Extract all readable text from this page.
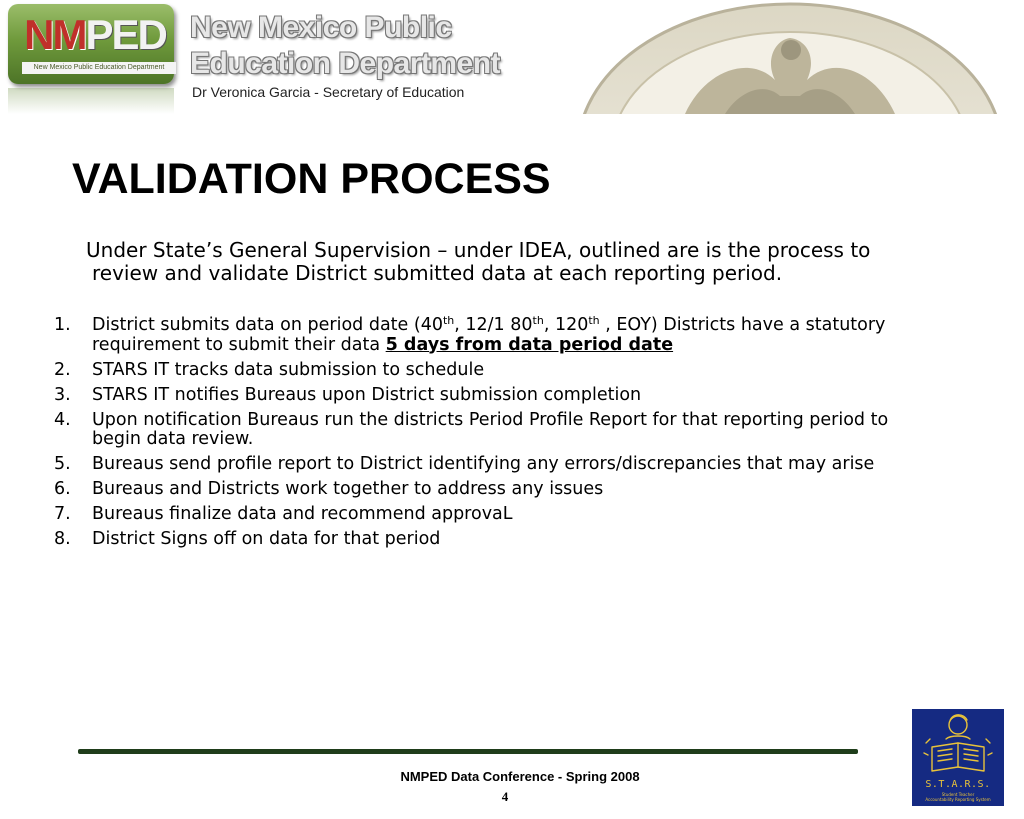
NMPED
New Mexico Public Education Department
New Mexico Public
Education Department
Dr Veronica Garcia - Secretary of Education
VALIDATION PROCESS

Under State’s General Supervision – under IDEA, outlined are is the process to review and validate District submitted data at each reporting period.

1. District submits data on period date (40th, 12/1 80th, 120th , EOY) Districts have a statutory requirement to submit their data 5 days from data period date
2. STARS IT tracks data submission to schedule
3. STARS IT notifies Bureaus upon District submission completion
4. Upon notification Bureaus run the districts Period Profile Report for that reporting period to begin data review.
5. Bureaus send profile report to District identifying any errors/discrepancies that may arise
6. Bureaus and Districts work together to address any issues
7. Bureaus finalize data and recommend approvaL
8. District Signs off on data for that period
NMPED Data Conference - Spring 2008
4
S.T.A.R.S.
Student Teacher
Accountability Reporting System
